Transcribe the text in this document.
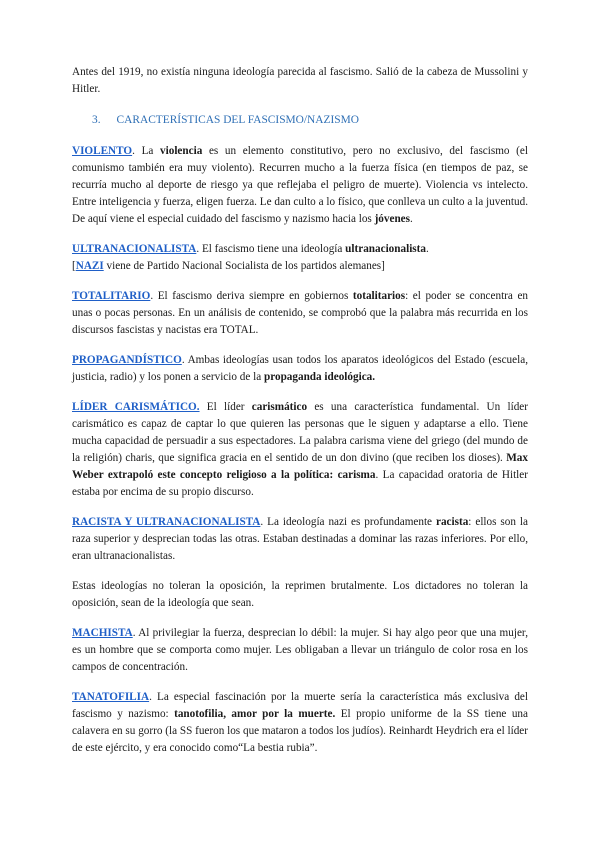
Antes del 1919, no existía ninguna ideología parecida al fascismo. Salió de la cabeza de Mussolini y Hitler.

3. CARACTERÍSTICAS DEL FASCISMO/NAZISMO

VIOLENTO. La violencia es un elemento constitutivo, pero no exclusivo, del fascismo (el comunismo también era muy violento). Recurren mucho a la fuerza física (en tiempos de paz, se recurría mucho al deporte de riesgo ya que reflejaba el peligro de muerte). Violencia vs intelecto. Entre inteligencia y fuerza, eligen fuerza. Le dan culto a lo físico, que conlleva un culto a la juventud. De aquí viene el especial cuidado del fascismo y nazismo hacia los jóvenes.

ULTRANACIONALISTA. El fascismo tiene una ideología ultranacionalista.
[NAZI viene de Partido Nacional Socialista de los partidos alemanes]

TOTALITARIO. El fascismo deriva siempre en gobiernos totalitarios: el poder se concentra en unas o pocas personas. En un análisis de contenido, se comprobó que la palabra más recurrida en los discursos fascistas y nacistas era TOTAL.

PROPAGANDÍSTICO. Ambas ideologías usan todos los aparatos ideológicos del Estado (escuela, justicia, radio) y los ponen a servicio de la propaganda ideológica.

LÍDER CARISMÁTICO. El líder carismático es una característica fundamental. Un líder carismático es capaz de captar lo que quieren las personas que le siguen y adaptarse a ello. Tiene mucha capacidad de persuadir a sus espectadores. La palabra carisma viene del griego (del mundo de la religión) charis, que significa gracia en el sentido de un don divino (que reciben los dioses). Max Weber extrapoló este concepto religioso a la política: carisma. La capacidad oratoria de Hitler estaba por encima de su propio discurso.

RACISTA Y ULTRANACIONALISTA. La ideología nazi es profundamente racista: ellos son la raza superior y desprecian todas las otras. Estaban destinadas a dominar las razas inferiores. Por ello, eran ultranacionalistas.

Estas ideologías no toleran la oposición, la reprimen brutalmente. Los dictadores no toleran la oposición, sean de la ideología que sean.

MACHISTA. Al privilegiar la fuerza, desprecian lo débil: la mujer. Si hay algo peor que una mujer, es un hombre que se comporta como mujer. Les obligaban a llevar un triángulo de color rosa en los campos de concentración.

TANATOFILIA. La especial fascinación por la muerte sería la característica más exclusiva del fascismo y nazismo: tanotofilia, amor por la muerte. El propio uniforme de la SS tiene una calavera en su gorro (la SS fueron los que mataron a todos los judíos). Reinhardt Heydrich era el líder de este ejército, y era conocido como“La bestia rubia”.
